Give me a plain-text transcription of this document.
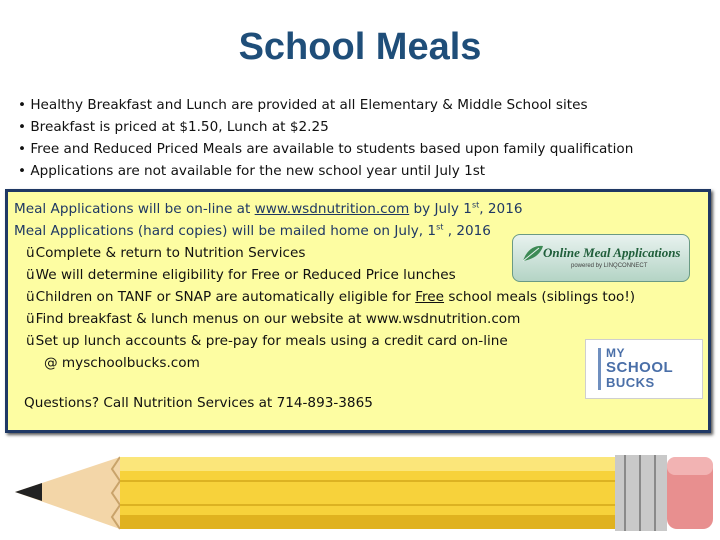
School Meals
• Healthy Breakfast and Lunch are provided at all Elementary & Middle School sites
• Breakfast is priced at $1.50, Lunch at $2.25
• Free and Reduced Priced Meals are available to students based upon family qualification
• Applications are not available for the new school year until July 1st
Meal Applications will be on-line at www.wsdnutrition.com by July 1st, 2016
Meal Applications (hard copies) will be mailed home on July, 1st , 2016
üComplete & return to Nutrition Services
üWe will determine eligibility for Free or Reduced Price lunches
üChildren on TANF or SNAP are automatically eligible for Free school meals (siblings too!)
üFind breakfast & lunch menus on our website at www.wsdnutrition.com
üSet up lunch accounts & pre-pay for meals using a credit card on-line
@ myschoolbucks.com
Questions? Call Nutrition Services at 714-893-3865
Online Meal Applications
powered by LINQCONNECT
MY
SCHOOL
BUCKS
